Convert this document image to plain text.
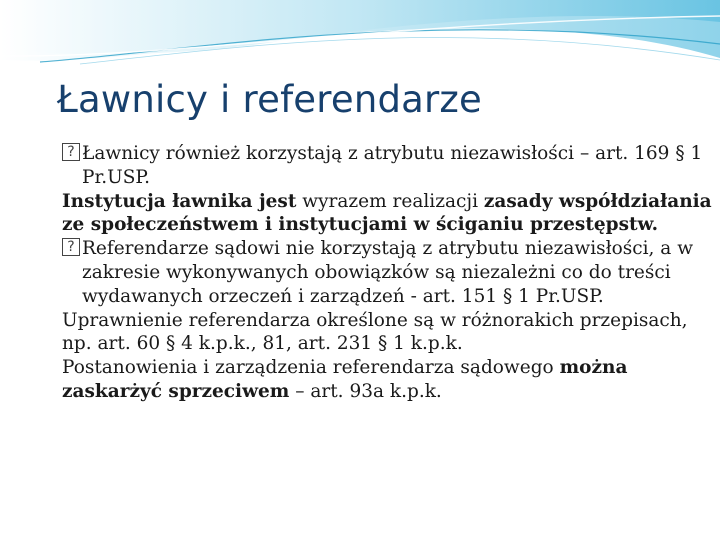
Ławnicy i referendarze

?Ławnicy również korzystają z atrybutu niezawisłości – art. 169 § 1 Pr.USP.

Instytucja ławnika jest wyrazem realizacji zasady współdziałania ze społeczeństwem i instytucjami w ściganiu przestępstw.

?Referendarze sądowi nie korzystają z atrybutu niezawisłości, a w zakresie wykonywanych obowiązków są niezależni co do treści wydawanych orzeczeń i zarządzeń - art. 151 § 1 Pr.USP.

Uprawnienie referendarza określone są w różnorakich przepisach, np. art. 60 § 4 k.p.k., 81, art. 231 § 1 k.p.k.

Postanowienia i zarządzenia referendarza sądowego można zaskarżyć sprzeciwem – art. 93a k.p.k.
